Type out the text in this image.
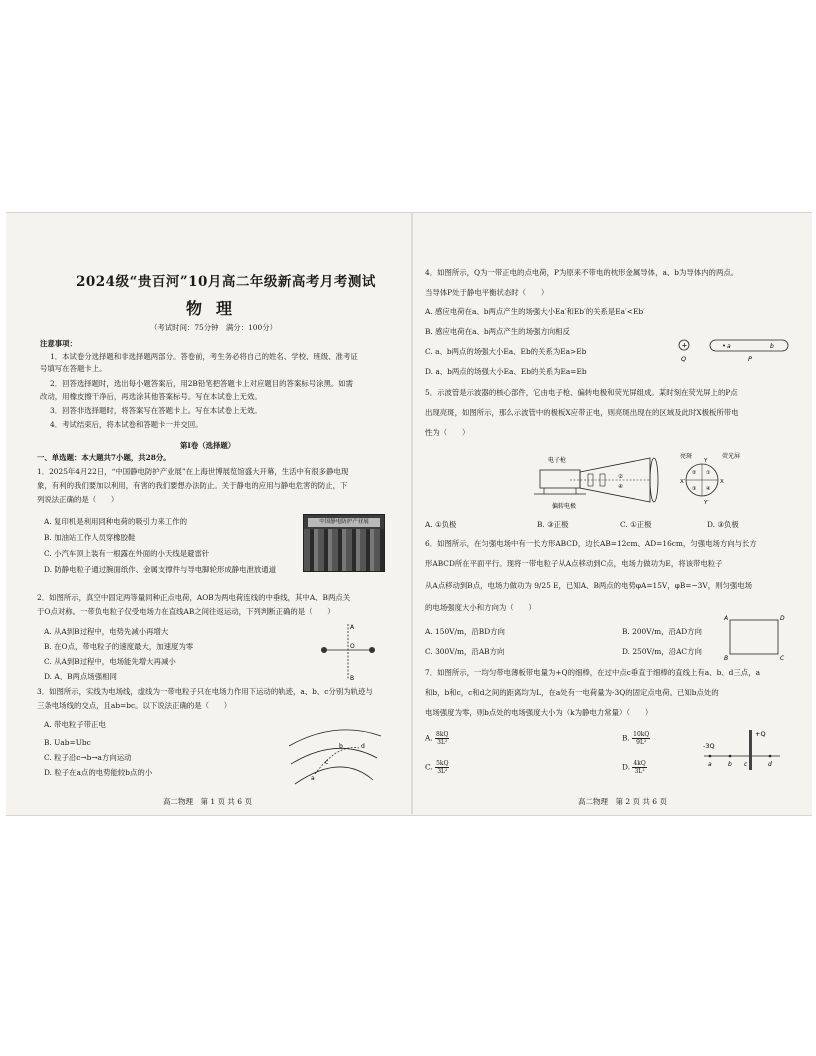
2024级“贵百河”10月高二年级新高考月考测试
物理
（考试时间：75分钟　满分：100分）
注意事项：
1．本试卷分选择题和非选择题两部分。答卷前，考生务必将自己的姓名、学校、班级、准考证
号填写在答题卡上。
2．回答选择题时，选出每小题答案后，用2B铅笔把答题卡上对应题目的答案标号涂黑。如需
改动，用橡皮擦干净后，再选涂其他答案标号。写在本试卷上无效。
3．回答非选择题时，将答案写在答题卡上。写在本试卷上无效。
4．考试结束后，将本试卷和答题卡一并交回。
第Ⅰ卷（选择题）
一、单选题：本大题共7小题，共28分。
1．2025年4月22日，“中国静电防护产业展”在上海世博展览馆盛大开幕，生活中有很多静电现
象，有利的我们要加以利用，有害的我们要想办法防止。关于静电的应用与静电危害的防止，下
列说法正确的是（　　）
A. 复印机是利用同种电荷的吸引力来工作的
B. 加油站工作人员穿橡胶鞋
C. 小汽车顶上装有一根露在外面的小天线是避雷针
D. 防静电粒子通过腕面纸作、金属支撑件与导电脚轮形成静电泄放通道
中国静电防护产业展
2．如图所示，真空中固定两等量同种正点电荷，AOB为两电荷连线的中垂线，其中A、B两点关
于O点对称。一带负电粒子仅受电场力在直线AB之间往返运动，下列判断正确的是（　　）
A. 从A到B过程中，电势先减小再增大
B. 在O点，带电粒子的速度最大，加速度为零
C. 从A到B过程中，电场能先增大再减小
D. A、B两点场强相同
A
O
B
3．如图所示，实线为电场线，虚线为一带电粒子只在电场力作用下运动的轨迹，a、b、c分别为轨迹与
三条电场线的交点，且ab=bc。以下说法正确的是（　　）
A. 带电粒子带正电
B. Uab=Ubc
C. 粒子沿c→b→a方向运动
D. 粒子在a点的电势能较b点的小
a
b
c
d
高二物理　第 1 页 共 6 页
4．如图所示，Q为一带正电的点电荷，P为原来不带电的枕形金属导体，a、b为导体内的两点。
当导体P处于静电平衡状态时（　　）
A. 感应电荷在a、b两点产生的场强大小Ea′和Eb′的关系是Ea′<Eb′
B. 感应电荷在a、b两点产生的场强方向相反
C. a、b两点的场强大小Ea、Eb的关系为Ea>Eb
D. a、b两点的场强大小Ea、Eb的关系为Ea=Eb
+
Q
a	b
P
5．示波管是示波器的核心部件，它由电子枪、偏转电极和荧光屏组成。某时刻在荧光屏上的P点
出现亮斑，如图所示，那么示波管中的极板X应带正电，则亮斑出现在的区域及此时X极板所带电
性为（　　）
电子枪
偏转电极
②
④
亮斑	荧光屏
①
②
③ ④
X
Y
X′
Y′
A. ①负极	B. ③正极	C. ①正极	D. ③负极
6．如图所示，在匀强电场中有一长方形ABCD，边长AB=12cm、AD=16cm，匀强电场方向与长方
形ABCD所在平面平行。现将一带电粒子从A点移动到C点，电场力做功为E，将该带电粒子
从A点移动到B点，电场力做功为 9/25 E，已知A、B两点的电势φA=15V，φB=−3V，则匀强电场
的电场强度大小和方向为（　　）
A. 150V/m，沿BD方向	B. 200V/m，沿AD方向
C. 300V/m，沿AB方向	D. 250V/m，沿AC方向
A	D
B	C
7．如图所示，一均匀带电薄板带电量为+Q的细棒，在过中点c垂直于细棒的直线上有a、b、d三点，a
和b，b和c，c和d之间的距离均为L，在a处有一电荷量为-3Q的固定点电荷。已知b点处的
电场强度为零，则b点处的电场强度大小为（k为静电力常量）（　　）
A. $\frac{8kQ}{\text{3L²}}$	B. $\frac{10kQ}{\text{9L²}}$
C. $\frac{5kQ}{\text{3L²}}$	D. $\frac{4kQ}{\text{3L²}}$
-3Q
+Q
a	b c	d
高二物理　第 2 页 共 6 页
